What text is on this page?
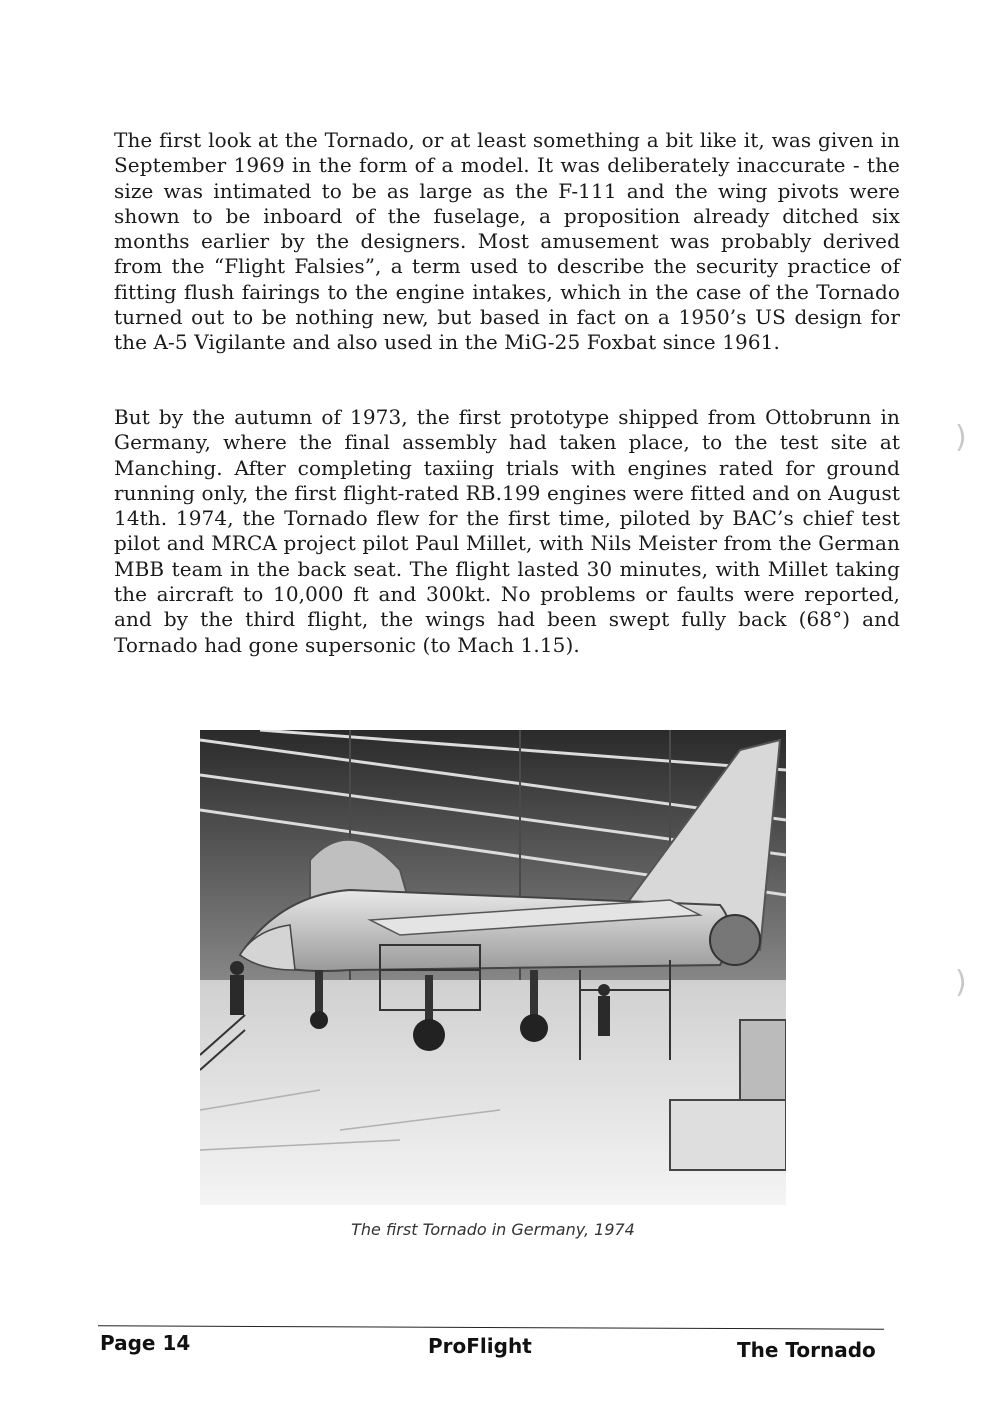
The first look at the Tornado, or at least something a bit like it, was given in September 1969 in the form of a model. It was deliberately inaccurate - the size was intimated to be as large as the F-111 and the wing pivots were shown to be inboard of the fuselage, a proposition already ditched six months earlier by the designers. Most amusement was probably derived from the “Flight Falsies”, a term used to describe the security practice of fitting flush fairings to the engine intakes, which in the case of the Tornado turned out to be nothing new, but based in fact on a 1950’s US design for the A-5 Vigilante and also used in the MiG-25 Foxbat since 1961.
But by the autumn of 1973, the first prototype shipped from Ottobrunn in Germany, where the final assembly had taken place, to the test site at Manching. After completing taxiing trials with engines rated for ground running only, the first flight-rated RB.199 engines were fitted and on August 14th. 1974, the Tornado flew for the first time, piloted by BAC’s chief test pilot and MRCA project pilot Paul Millet, with Nils Meister from the German MBB team in the back seat. The flight lasted 30 minutes, with Millet taking the aircraft to 10,000 ft and 300kt. No problems or faults were reported, and by the third flight, the wings had been swept fully back (68°) and Tornado had gone supersonic (to Mach 1.15).
)
)
The first Tornado in Germany, 1974
Page 14	ProFlight	The Tornado
